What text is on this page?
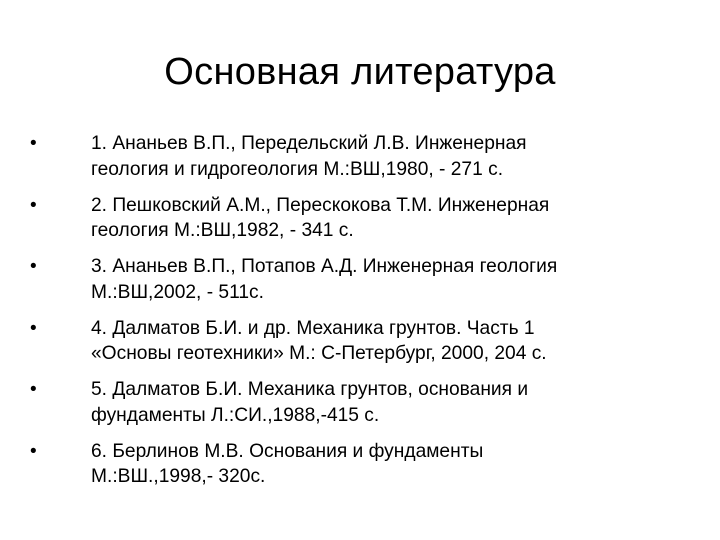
Основная литература
•	1. Ананьев В.П., Передельский Л.В. Инженерная
геология и гидрогеология М.:ВШ,1980, - 271 с.
•	2. Пешковский А.М., Перескокова Т.М. Инженерная
геология М.:ВШ,1982, - 341 с.
•	3. Ананьев В.П., Потапов А.Д. Инженерная геология
М.:ВШ,2002, - 511с.
•	4. Далматов Б.И. и др. Механика грунтов. Часть 1
«Основы геотехники» М.: С-Петербург, 2000, 204 с.
•	5. Далматов Б.И. Механика грунтов, основания и
фундаменты Л.:СИ.,1988,-415 с.
•	6. Берлинов М.В. Основания и фундаменты
М.:ВШ.,1998,- 320с.
